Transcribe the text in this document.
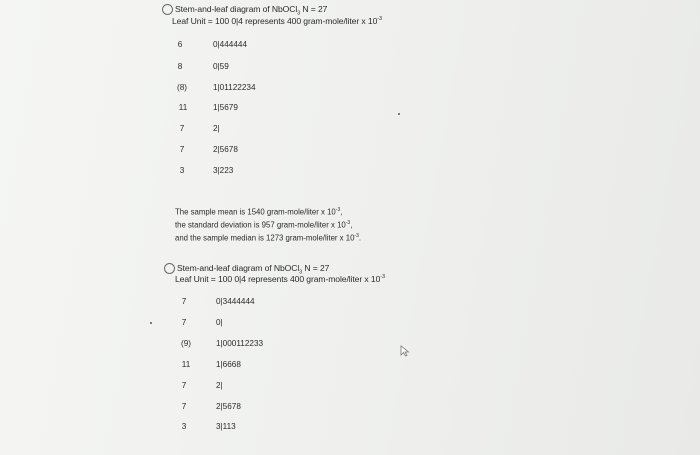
Stem-and-leaf diagram of NbOCl$_3$ N = 27
Leaf Unit = 100 0|4 represents 400 gram-mole/liter x $10^{-3}$
6	0|444444
8	0|59
(8)	1|01122234
11	1|5679
7	2|
7	2|5678
3	3|223
The sample mean is 1540 gram-mole/liter x $10^{-3}$,
the standard deviation is 957 gram-mole/liter x $10^{-3}$,
and the sample median is 1273 gram-mole/liter x $10^{-3}$.
Stem-and-leaf diagram of NbOCl$_3$ N = 27
Leaf Unit = 100 0|4 represents 400 gram-mole/liter x $10^{-3}$
7	0|3444444
7	0|
(9)	1|000112233
11	1|6668
7	2|
7	2|5678
3	3|113
